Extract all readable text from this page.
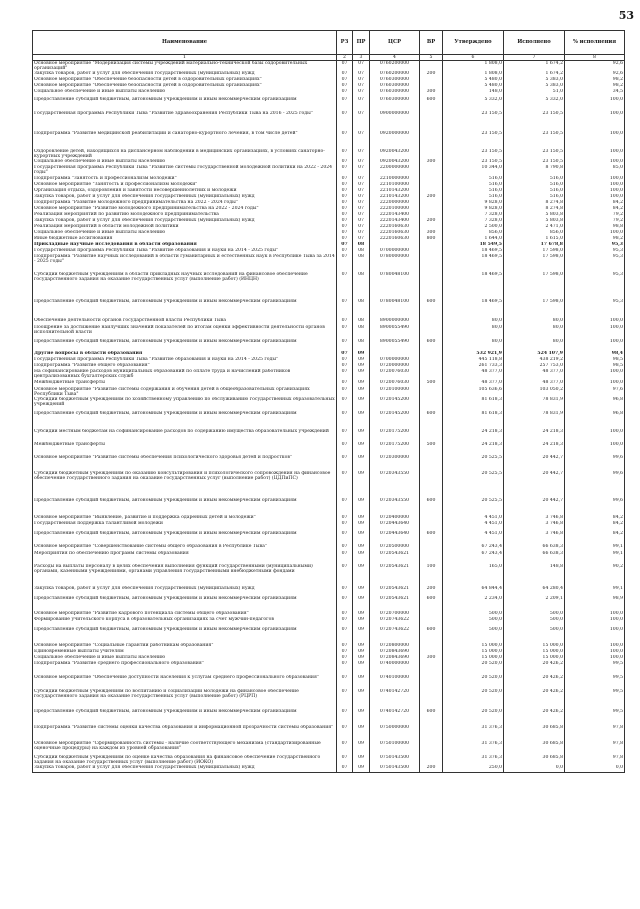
53
Наименование	РЗ	ПР	ЦСР	ВР	Утверждено	Исполнено	% исполнения
1	2	3	4	5	6	7	8
Основное мероприятие "Модернизация системы учреждений материально-технической базы оздоровительных организаций"	07	07	0760200000		1 808,0	1 674,2	92,6
Закупка товаров, работ и услуг для обеспечения государственных (муниципальных) нужд	07	07	0760200000	200	1 808,0	1 674,2	92,6
Основное мероприятие "Обеспечение безопасности детей в оздоровительных организациях"	07	07	0760300000		5 480,0	5 383,0	98,2
Основное мероприятие "Обеспечение безопасности детей в оздоровительных организациях"	07	07	0760300000		5 480,0	5 383,0	98,2
Социальное обеспечение и иные выплаты населению	07	07	0760300000	300	148,0	51,0	34,5
Предоставление субсидий бюджетным, автономным учреждениям и иным некоммерческим организациям	07	07	0760300000	600	5 332,0	5 332,0	100,0
Государственная программа Республики Тыва "Развитие здравоохранения Республики Тыва на 2016 - 2025 годы"	07	07	0900000000		23 150,5	23 150,5	100,0
Подпрограмма "Развитие медицинской реабилитации и санаторно-курортного лечения, в том числе детей"	07	07	0920000000		23 150,5	23 150,5	100,0
Оздоровление детей, находящихся на диспансерном наблюдении в медицинских организациях, в условиях санаторно-курортных учреждений	07	07	0920043200		23 150,5	23 150,5	100,0
Социальное обеспечение и иные выплаты населению	07	07	0920043200	300	23 150,5	23 150,5	100,0
Государственная программа Республики Тыва "Развитие системы государственной молодежной политики на 2022 - 2024 годы"	07	07	2200000000		10 344,0	8 790,8	85,0
Подпрограмма "Занятость и профессионализм молодежи"	07	07	2210000000		516,0	516,0	100,0
Основное мероприятие "Занятость и профессионализм молодежи"	07	07	2210100000		516,0	516,0	100,0
Организация отдыха, оздоровления и занятости несовершеннолетних и молодежи	07	07	2210143200		516,0	516,0	100,0
Закупка товаров, работ и услуг для обеспечения государственных (муниципальных) нужд	07	07	2210143200	200	516,0	516,0	100,0
Подпрограмма "Развитие молодежного предпринимательства на 2022 - 2024 годы"	07	07	2220000000		9 828,0	8 274,8	84,2
Основное мероприятие "Развитие молодежного предпринимательства на 2022 - 2024 годы"	07	07	2220100000		9 828,0	8 274,8	84,2
Реализация мероприятий по развитию молодежного предпринимательства	07	07	2220143400		7 328,0	5 803,8	79,2
Закупка товаров, работ и услуг для обеспечения государственных (муниципальных) нужд	07	07	2220143400	200	7 328,0	5 803,8	79,2
Реализация мероприятий в области молодежной политики	07	07	2220160630		2 500,0	2 471,0	98,8
Социальное обеспечение и иные выплаты населению	07	07	2220160630	300	856,0	856,0	100,0
Иные бюджетные ассигнования	07	07	2220160630	800	1 644,0	1 615,0	98,2
Прикладные научные исследования в области образования	07	08			18 549,5	17 678,8	95,3
Государственная программа Республики Тыва "Развитие образования и науки на 2014 - 2025 годы"	07	08	0700000000		18 469,5	17 598,0	95,3
Подпрограмма "Развитие научных исследований в области гуманитарных и естественных наук в Республике Тыва за 2014 - 2025 годы"	07	08	0780000000		18 469,5	17 598,0	95,3
Субсидии бюджетным учреждениям в области прикладных научных исследований на финансовое обеспечение государственного задания на оказание государственных услуг (выполнение работ) (ИНЦН)	07	08	0780048100		18 469,5	17 598,0	95,3
Предоставление субсидий бюджетным, автономным учреждениям и иным некоммерческим организациям	07	08	0780048100	600	18 469,5	17 598,0	95,3
Обеспечение деятельности органов государственной власти Республики Тыва	07	08	8900000000		80,0	80,0	100,0
Поощрение за достижение наилучших значений показателей по итогам оценки эффективности деятельности органов исполнительной власти	07	08	8900055490		80,0	80,0	100,0
Предоставление субсидий бюджетным, автономным учреждениям и иным некоммерческим организациям	07	08	8900055490	600	80,0	80,0	100,0
Другие вопросы в области образования	07	09			532 921,9	524 107,9	98,4
Государственная программа Республики Тыва "Развитие образования и науки на 2014 - 2025 годы"	07	09	0700000000		445 118,8	438 219,2	98,5
Подпрограмма "Развитие общего образования"	07	09	0720000000		261 733,3	257 753,0	98,5
На софинансирование расходов муниципальных образований по оплате труда и начислений работников централизованных бухгалтерских служб	07	09	0720076030		48 377,0	48 377,0	100,0
Межбюджетные трансферты	07	09	0720076030	500	48 377,0	48 377,0	100,0
Основное мероприятие "Развитие системы содержания и обучения детей в общеобразовательных организациях Республики Тыва"	07	09	0720100000		105 636,6	103 050,2	97,6
Субсидии бюджетным учреждениям по хозяйственному управлению по обслуживанию государственных образовательных учреждений	07	09	0720145200		81 618,3	78 831,9	96,8
Предоставление субсидий бюджетным, автономным учреждениям и иным некоммерческим организациям	07	09	0720145200	600	81 618,3	78 831,9	96,8
Субсидии местным бюджетам на софинансирование расходов по содержанию имущества образовательных учреждений	07	09	0720175200		24 218,3	24 218,3	100,0
Межбюджетные трансферты	07	09	0720175200	500	24 218,3	24 218,3	100,0
Основное мероприятие "Развитие системы обеспечения психологического здоровья детей и подростков"	07	09	0720300000		20 525,5	20 442,7	99,6
Субсидии бюджетным учреждениям по оказанию консультирования и психологического сопровождения на финансовое обеспечение государственного задания на оказание государственных услуг (выполнение работ) (ЦДПиПС)	07	09	0720343550		20 525,5	20 442,7	99,6
Предоставление субсидий бюджетным, автономным учреждениям и иным некоммерческим организациям	07	09	0720343550	600	20 525,5	20 442,7	99,6
Основное мероприятие "Выявление, развитие и поддержка одаренных детей и молодежи"	07	09	0720400000		4 451,0	3 746,8	84,2
Государственная поддержка талантливой молодежи	07	09	0720443640		4 451,0	3 746,8	84,2
Предоставление субсидий бюджетным, автономным учреждениям и иным некоммерческим организациям	07	09	0720443640	600	4 451,0	3 746,8	84,2
Основное мероприятие "Совершенствование системы общего образования в Республике Тыва"	07	09	0720500000		67 243,4	66 638,3	99,1
Мероприятия по обеспечению программ системы образования	07	09	0720543621		67 243,4	66 638,3	99,1
Расходы на выплаты персоналу в целях обеспечения выполнения функций государственными (муниципальными) органами, казенными учреждениями, органами управления государственными внебюджетными фондами	07	09	0720543621	100	165,0	148,8	90,2
Закупка товаров, работ и услуг для обеспечения государственных (муниципальных) нужд	07	09	0720543621	200	64 844,4	64 280,4	99,1
Предоставление субсидий бюджетным, автономным учреждениям и иным некоммерческим организациям	07	09	0720543621	600	2 234,0	2 209,1	98,9
Основное мероприятие "Развитие кадрового потенциала системы общего образования"	07	09	0720700000		500,0	500,0	100,0
Формирование учительского корпуса в образовательных организациях за счет мужчин-педагогов	07	09	0720743622		500,0	500,0	100,0
Предоставление субсидий бюджетным, автономным учреждениям и иным некоммерческим организациям	07	09	0720743622	600	500,0	500,0	100,0
Основное мероприятие "Социальные гарантии работникам образования"	07	09	0720800000		15 000,0	15 000,0	100,0
Единовременные выплаты учителям	07	09	0720843690		15 000,0	15 000,0	100,0
Социальное обеспечение и иные выплаты населению	07	09	0720843690	300	15 000,0	15 000,0	100,0
Подпрограмма "Развитие среднего профессионального образования"	07	09	0740000000		20 520,0	20 426,2	99,5
Основное мероприятие "Обеспечение доступности населения к услугам среднего профессионального образования"	07	09	0740100000		20 520,0	20 426,2	99,5
Субсидии бюджетным учреждениям по воспитанию и социализации молодежи на финансовое обеспечение государственного задания на оказание государственных услуг (выполнение работ) (РЦРП)	07	09	0740142720		20 520,0	20 426,2	99,5
Предоставление субсидий бюджетным, автономным учреждениям и иным некоммерческим организациям	07	09	0740142720	600	20 520,0	20 426,2	99,5
Подпрограмма "Развитие системы оценки качества образования и информационной прозрачности системы образования"	07	09	0750000000		31 376,3	30 685,8	97,8
Основное мероприятие "Сформированность системы - наличие соответствующего механизма (стандартизированные оценочные процедуры) на каждом из уровней образования"	07	09	0750100000		31 376,3	30 685,8	97,8
Субсидии бюджетным учреждениям по оценке качества образования на финансовое обеспечение государственного задания на оказание государственных услуг (выполнение работ) (ИОКО)	07	09	0750143500		31 376,3	30 685,8	97,8
Закупка товаров, работ и услуг для обеспечения государственных (муниципальных) нужд	07	09	0750143500	200	250,0	0,0	0,0
